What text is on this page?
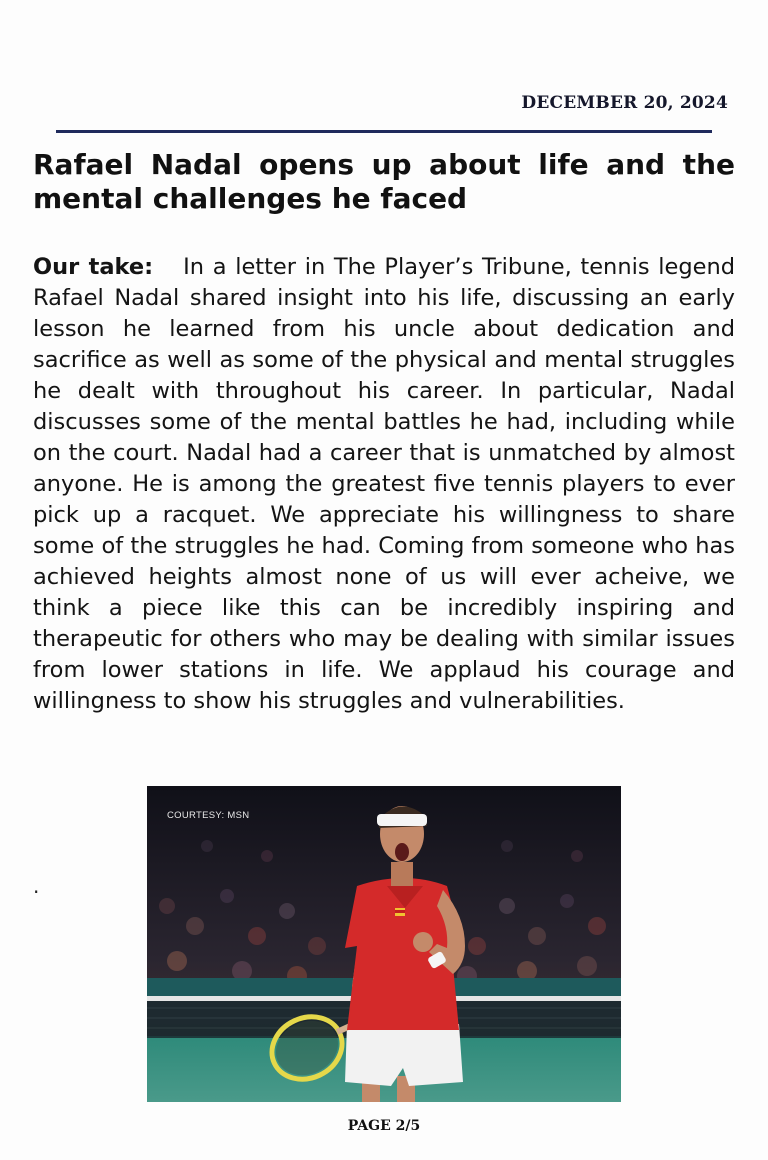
DECEMBER 20, 2024
Rafael Nadal opens up about life and the mental challenges he faced

Our take: In a letter in The Player’s Tribune, tennis legend Rafael Nadal shared insight into his life, discussing an early lesson he learned from his uncle about dedication and sacrifice as well as some of the physical and mental struggles he dealt with throughout his career. In particular, Nadal discusses some of the mental battles he had, including while on the court. Nadal had a career that is unmatched by almost anyone. He is among the greatest five tennis players to ever pick up a racquet. We appreciate his willingness to share some of the struggles he had. Coming from someone who has achieved heights almost none of us will ever acheive, we think a piece like this can be incredibly inspiring and therapeutic for others who may be dealing with similar issues from lower stations in life. We applaud his courage and willingness to show his struggles and vulnerabilities.

.
COURTESY: MSN
PAGE 2/5
